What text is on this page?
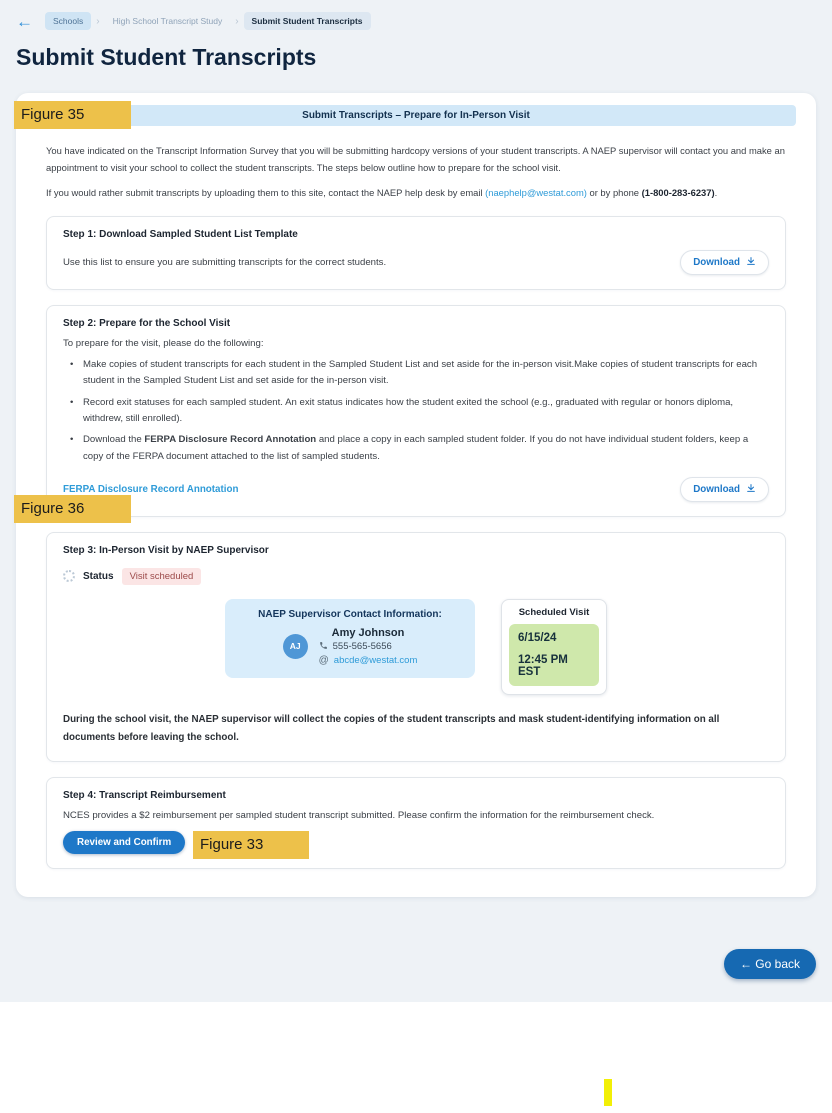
←	Schools	›	High School Transcript Study	›	Submit Student Transcripts
Submit Student Transcripts
Submit Transcripts – Prepare for In-Person Visit

You have indicated on the Transcript Information Survey that you will be submitting hardcopy versions of your student transcripts. A NAEP supervisor will contact you and make an appointment to visit your school to collect the student transcripts. The steps below outline how to prepare for the school visit.

If you would rather submit transcripts by uploading them to this site, contact the NAEP help desk by email (naephelp@westat.com) or by phone (1-800-283-6237).

Step 1: Download Sampled Student List Template
Use this list to ensure you are submitting transcripts for the correct students.	Download
Step 2: Prepare for the School Visit
To prepare for the visit, please do the following:
• Make copies of student transcripts for each student in the Sampled Student List and set aside for the in-person visit.Make copies of student transcripts for each student in the Sampled Student List and set aside for the in-person visit.
• Record exit statuses for each sampled student. An exit status indicates how the student exited the school (e.g., graduated with regular or honors diploma, withdrew, still enrolled).
• Download the FERPA Disclosure Record Annotation and place a copy in each sampled student folder. If you do not have individual student folders, keep a copy of the FERPA document attached to the list of sampled students.
FERPA Disclosure Record Annotation	Download
Figure 36
Step 3: In-Person Visit by NAEP Supervisor
Status	Visit scheduled
NAEP Supervisor Contact Information:
AJ
Amy Johnson
555-565-5656
@ abcde@westat.com
Scheduled Visit
6/15/24
12:45 PM EST
During the school visit, the NAEP supervisor will collect the copies of the student transcripts and mask student-identifying information on all documents before leaving the school.
Step 4: Transcript Reimbursement
NCES provides a $2 reimbursement per sampled student transcript submitted. Please confirm the information for the reimbursement check.
Review and Confirm	Figure 33
Figure 35
← Go back
